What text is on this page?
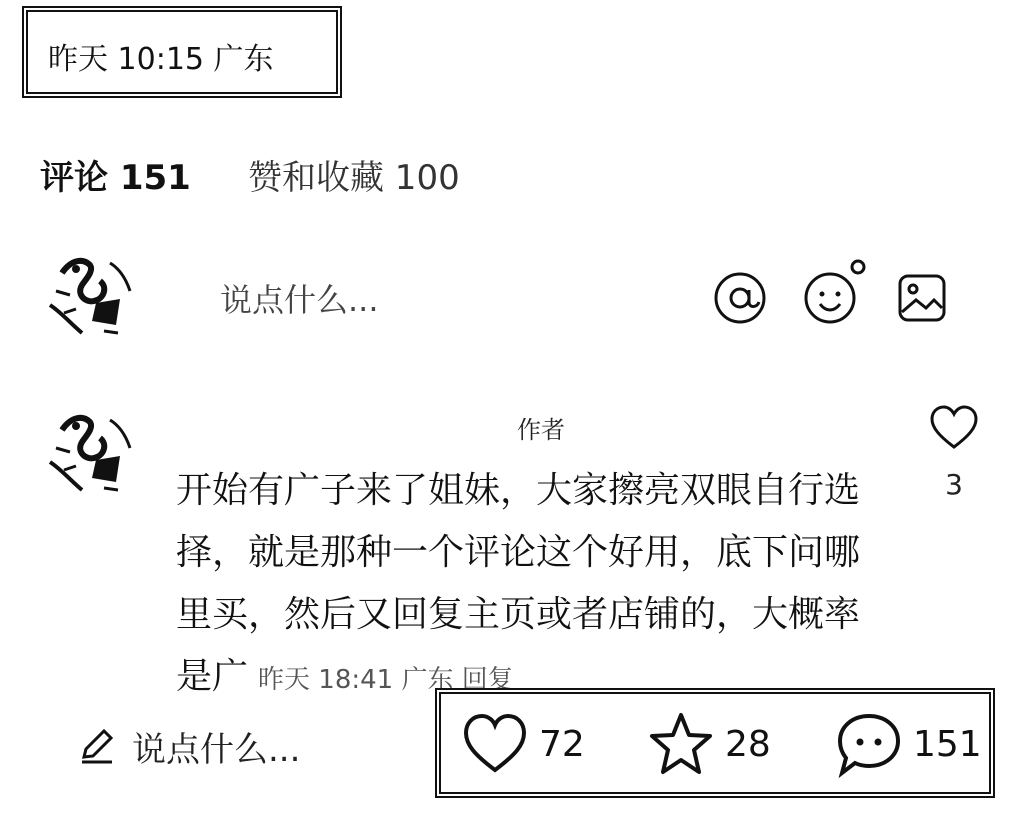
昨天 10:15 广东
评论 151 赞和收藏 100
说点什么...
作者
开始有广子来了姐妹，大家擦亮双眼自行选择，就是那种一个评论这个好用，底下问哪里买，然后又回复主页或者店铺的，大概率是广 昨天 18:41 广东 回复
3
说点什么...	72	28	151
